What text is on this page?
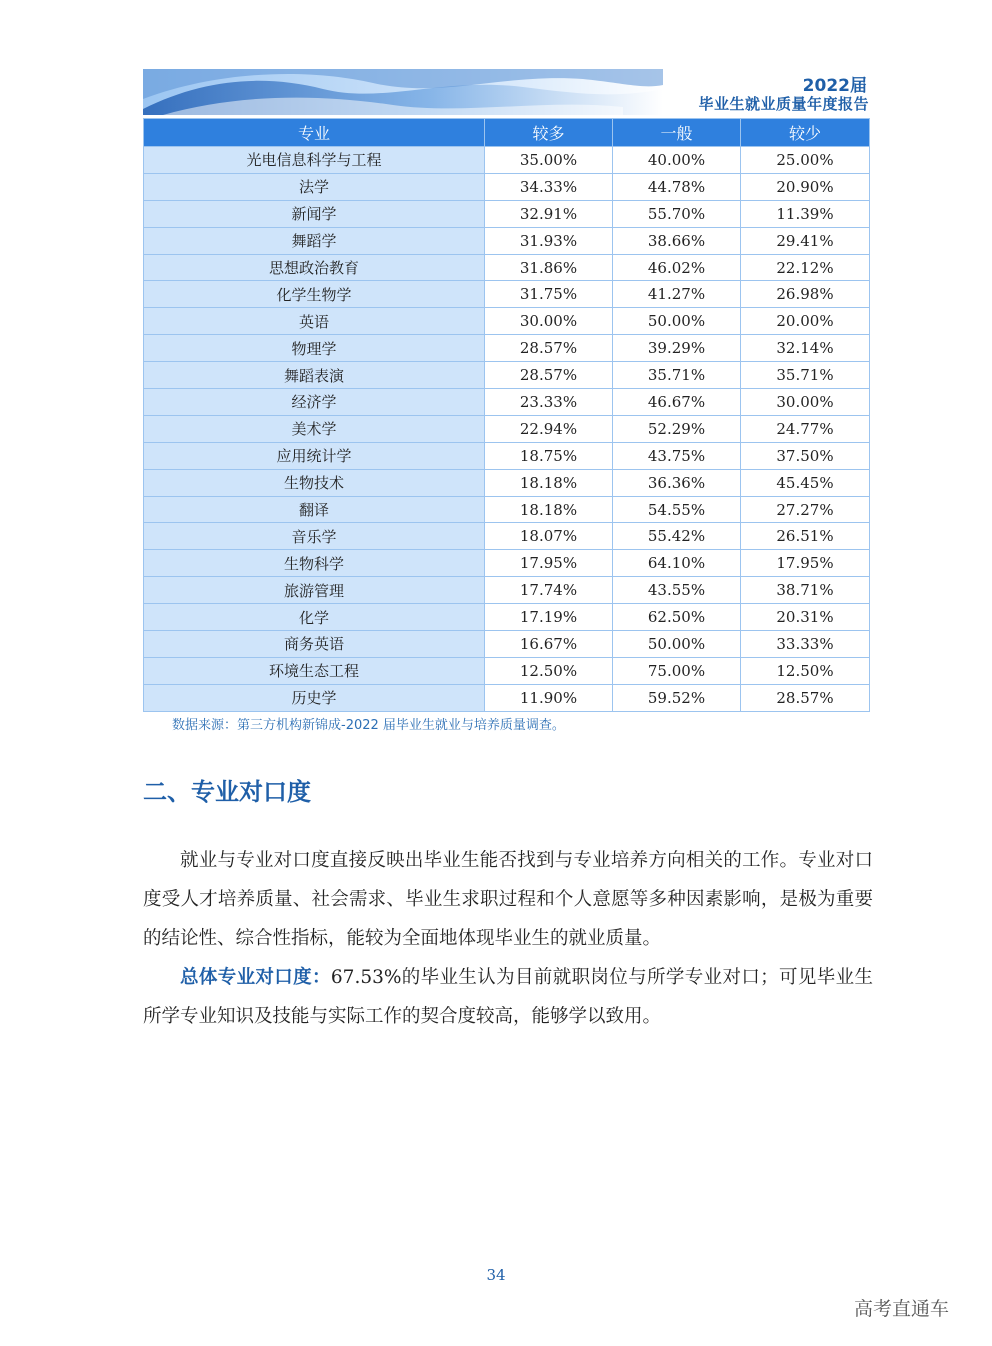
2022届
毕业生就业质量年度报告
专业	较多	一般	较少
光电信息科学与工程	35.00%	40.00%	25.00%
法学	34.33%	44.78%	20.90%
新闻学	32.91%	55.70%	11.39%
舞蹈学	31.93%	38.66%	29.41%
思想政治教育	31.86%	46.02%	22.12%
化学生物学	31.75%	41.27%	26.98%
英语	30.00%	50.00%	20.00%
物理学	28.57%	39.29%	32.14%
舞蹈表演	28.57%	35.71%	35.71%
经济学	23.33%	46.67%	30.00%
美术学	22.94%	52.29%	24.77%
应用统计学	18.75%	43.75%	37.50%
生物技术	18.18%	36.36%	45.45%
翻译	18.18%	54.55%	27.27%
音乐学	18.07%	55.42%	26.51%
生物科学	17.95%	64.10%	17.95%
旅游管理	17.74%	43.55%	38.71%
化学	17.19%	62.50%	20.31%
商务英语	16.67%	50.00%	33.33%
环境生态工程	12.50%	75.00%	12.50%
历史学	11.90%	59.52%	28.57%
数据来源：第三方机构新锦成-2022 届毕业生就业与培养质量调查。
二、专业对口度
就业与专业对口度直接反映出毕业生能否找到与专业培养方向相关的工作。专业对口度受人才培养质量、社会需求、毕业生求职过程和个人意愿等多种因素影响，是极为重要的结论性、综合性指标，能较为全面地体现毕业生的就业质量。
总体专业对口度：67.53%的毕业生认为目前就职岗位与所学专业对口；可见毕业生所学专业知识及技能与实际工作的契合度较高，能够学以致用。
34
高考直通车
